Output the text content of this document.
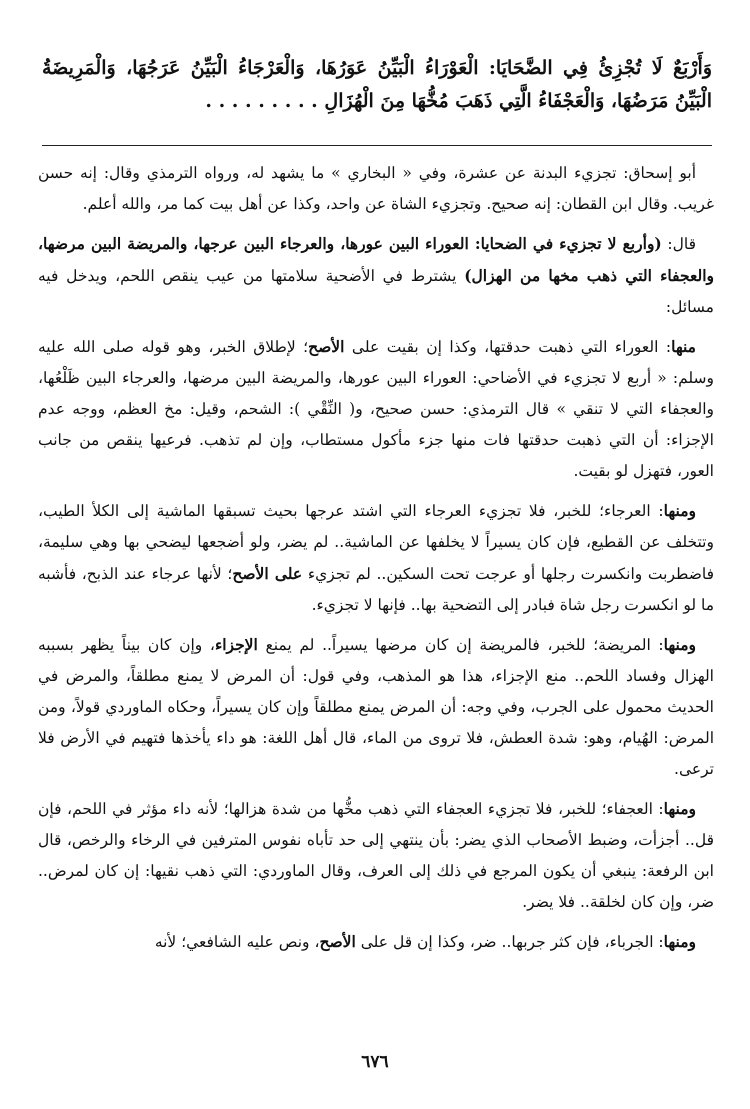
وَأَرْبَعٌ لَا تُجْزِئُ فِي الضَّحَايَا: الْعَوْرَاءُ الْبَيِّنُ عَوَرُهَا، وَالْعَرْجَاءُ الْبَيِّنُ عَرَجُهَا، وَالْمَرِيضَةُ الْبَيِّنُ مَرَضُهَا، وَالْعَجْفَاءُ الَّتِي ذَهَبَ مُخُّهَا مِنَ الْهُزَالِ . . . . . . . . .

أبو إسحاق: تجزيء البدنة عن عشرة، وفي « البخاري » ما يشهد له، ورواه الترمذي وقال: إنه حسن غريب. وقال ابن القطان: إنه صحيح. وتجزيء الشاة عن واحد، وكذا عن أهل بيت كما مر، والله أعلم.

قال: (وأربع لا تجزيء في الضحايا: العوراء البين عورها، والعرجاء البين عرجها، والمريضة البين مرضها، والعجفاء التي ذهب مخها من الهزال) يشترط في الأضحية سلامتها من عيب ينقص اللحم، ويدخل فيه مسائل:

منها: العوراء التي ذهبت حدقتها، وكذا إن بقيت على الأصح؛ لإطلاق الخبر، وهو قوله صلى الله عليه وسلم: « أربع لا تجزيء في الأضاحي: العوراء البين عورها، والمريضة البين مرضها، والعرجاء البين ظَلْعُها، والعجفاء التي لا تنقي » قال الترمذي: حسن صحيح، و( النِّقْي ): الشحم، وقيل: مخ العظم، ووجه عدم الإجزاء: أن التي ذهبت حدقتها فات منها جزء مأكول مستطاب، وإن لم تذهب. فرعيها ينقص من جانب العور، فتهزل لو بقيت.

ومنها: العرجاء؛ للخبر، فلا تجزيء العرجاء التي اشتد عرجها بحيث تسبقها الماشية إلى الكلأ الطيب، وتتخلف عن القطيع، فإن كان يسيراً لا يخلفها عن الماشية.. لم يضر، ولو أضجعها ليضحي بها وهي سليمة، فاضطربت وانكسرت رجلها أو عرجت تحت السكين.. لم تجزيء على الأصح؛ لأنها عرجاء عند الذبح، فأشبه ما لو انكسرت رجل شاة فبادر إلى التضحية بها.. فإنها لا تجزيء.

ومنها: المريضة؛ للخبر، فالمريضة إن كان مرضها يسيراً.. لم يمنع الإجزاء، وإن كان بيناً يظهر بسببه الهزال وفساد اللحم.. منع الإجزاء، هذا هو المذهب، وفي قول: أن المرض لا يمنع مطلقاً، والمرض في الحديث محمول على الجرب، وفي وجه: أن المرض يمنع مطلقاً وإن كان يسيراً، وحكاه الماوردي قولاً، ومن المرض: الهُيام، وهو: شدة العطش، فلا تروى من الماء، قال أهل اللغة: هو داء يأخذها فتهيم في الأرض فلا ترعى.

ومنها: العجفاء؛ للخبر، فلا تجزيء العجفاء التي ذهب مخُّها من شدة هزالها؛ لأنه داء مؤثر في اللحم، فإن قل.. أجزأت، وضبط الأصحاب الذي يضر: بأن ينتهي إلى حد تأباه نفوس المترفين في الرخاء والرخص، قال ابن الرفعة: ينبغي أن يكون المرجع في ذلك إلى العرف، وقال الماوردي: التي ذهب نقيها: إن كان لمرض.. ضر، وإن كان لخلقة.. فلا يضر.

ومنها: الجرباء، فإن كثر جربها.. ضر، وكذا إن قل على الأصح، ونص عليه الشافعي؛ لأنه

٦٧٦
